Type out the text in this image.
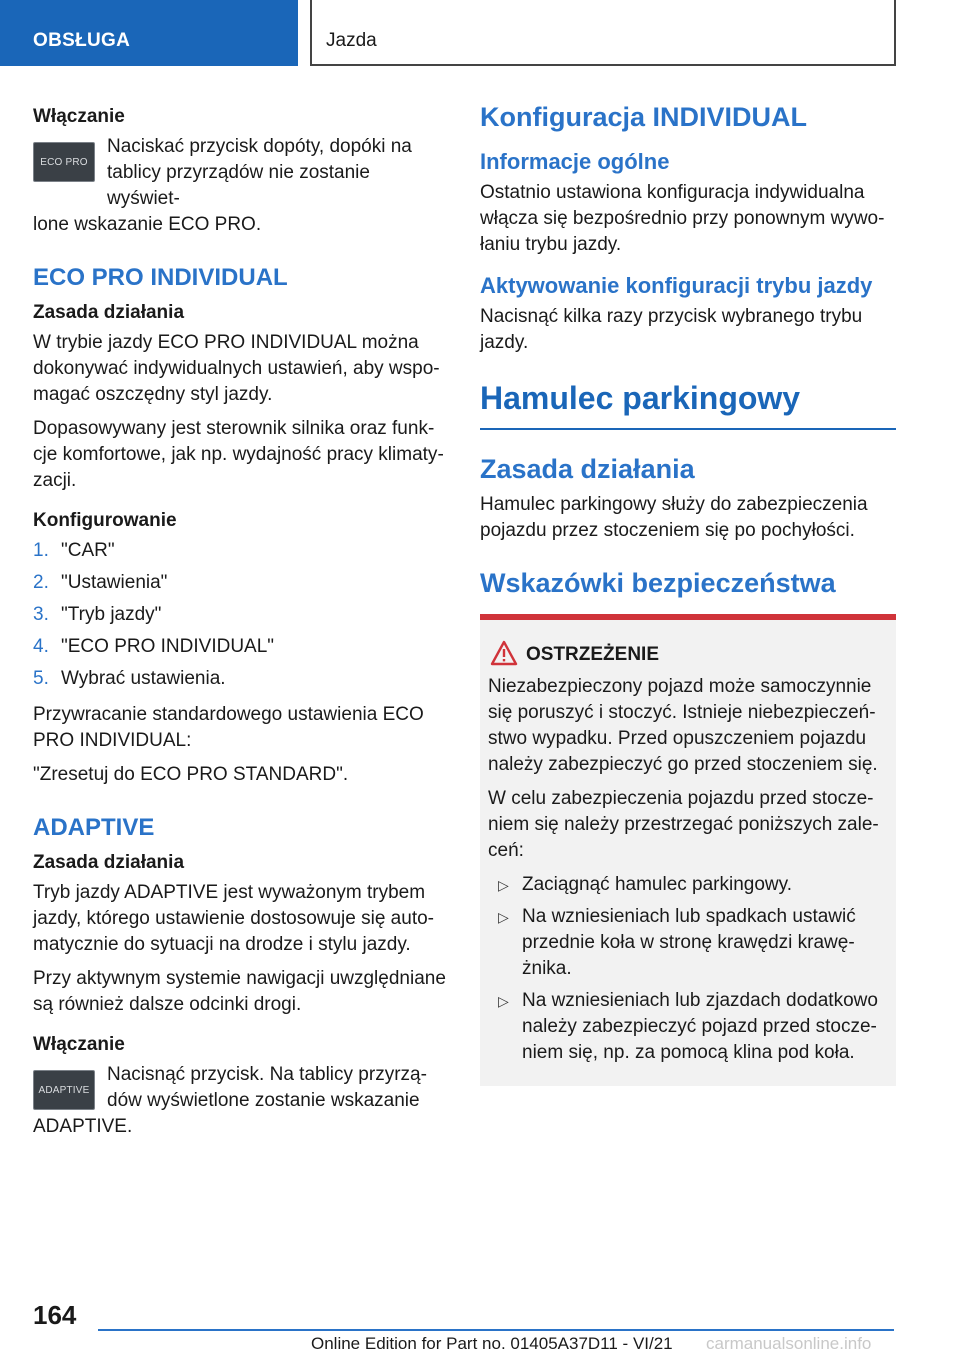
OBSŁUGA	Jazda
Włączanie
ECO PRO

Naciskać przycisk dopóty, dopóki na

tablicy przyrządów nie zostanie wyświet-

lone wskazanie ECO PRO.

ECO PRO INDIVIDUAL
Zasada działania

W trybie jazdy ECO PRO INDIVIDUAL można dokonywać indywidualnych ustawień, aby wspomagać oszczędny styl jazdy.

Dopasowywany jest sterownik silnika oraz funkcje komfortowe, jak np. wydajność pracy klimatyzacji.

Konfigurowanie
1. "CAR"
2. "Ustawienia"
3. "Tryb jazdy"
4. "ECO PRO INDIVIDUAL"
5. Wybrać ustawienia.

Przywracanie standardowego ustawienia ECO PRO INDIVIDUAL:

"Zresetuj do ECO PRO STANDARD".

ADAPTIVE
Zasada działania

Tryb jazdy ADAPTIVE jest wyważonym trybem jazdy, którego ustawienie dostosowuje się automatycznie do sytuacji na drodze i stylu jazdy.

Przy aktywnym systemie nawigacji uwzględniane są również dalsze odcinki drogi.

Włączanie
ADAPTIVE

Nacisnąć przycisk. Na tablicy przyrzą-

dów wyświetlone zostanie wskazanie

ADAPTIVE.

Konfiguracja INDIVIDUAL
Informacje ogólne

Ostatnio ustawiona konfiguracja indywidualna włącza się bezpośrednio przy ponownym wywołaniu trybu jazdy.

Aktywowanie konfiguracji trybu jazdy

Nacisnąć kilka razy przycisk wybranego trybu jazdy.

Hamulec parkingowy
Zasada działania

Hamulec parkingowy służy do zabezpieczenia pojazdu przez stoczeniem się po pochyłości.

Wskazówki bezpieczeństwa
OSTRZEŻENIE

Niezabezpieczony pojazd może samoczynnie się poruszyć i stoczyć. Istnieje niebezpieczeństwo wypadku. Przed opuszczeniem pojazdu należy zabezpieczyć go przed stoczeniem się.

W celu zabezpieczenia pojazdu przed stoczeniem się należy przestrzegać poniższych zaleceń:

▷ Zaciągnąć hamulec parkingowy.
▷ Na wzniesieniach lub spadkach ustawić przednie koła w stronę krawędzi krawężnika.
▷ Na wzniesieniach lub zjazdach dodatkowo należy zabezpieczyć pojazd przed stoczeniem się, np. za pomocą klina pod koła.
164
Online Edition for Part no. 01405A37D11 - VI/21 carmanualsonline.info
